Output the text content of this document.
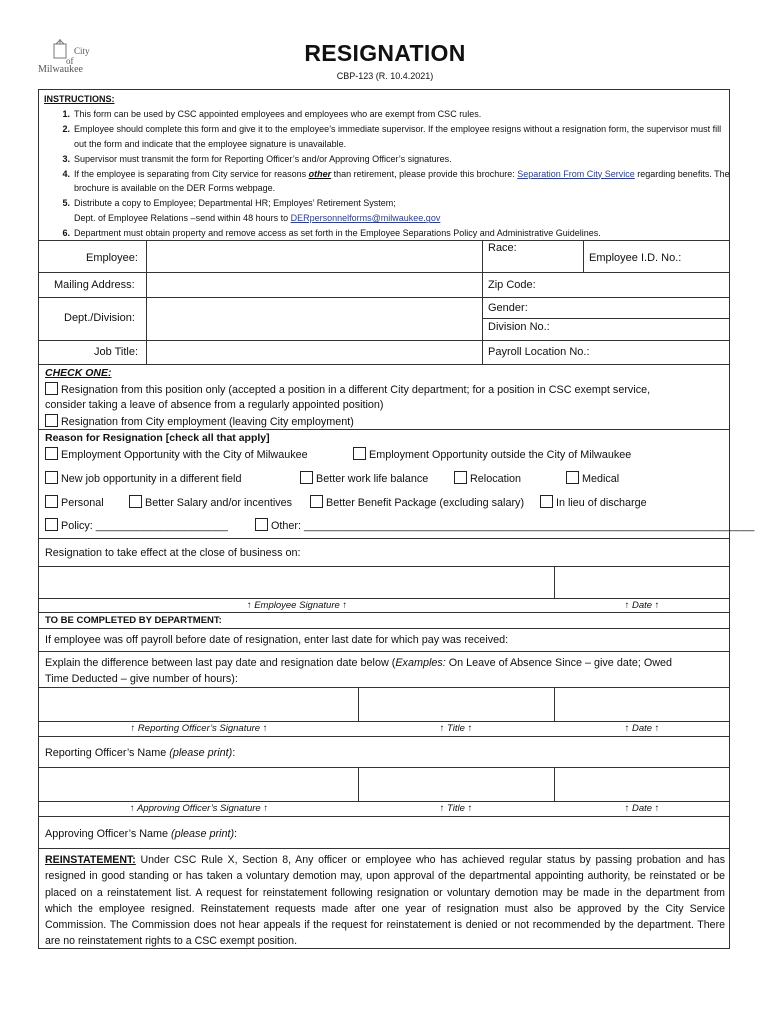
City
of
Milwaukee
RESIGNATION
CBP-123 (R. 10.4.2021)
INSTRUCTIONS:
1. This form can be used by CSC appointed employees and employees who are exempt from CSC rules.
2. Employee should complete this form and give it to the employee’s immediate supervisor. If the employee resigns without a resignation form, the supervisor must fill out the form and indicate that the employee signature is unavailable.
3. Supervisor must transmit the form for Reporting Officer’s and/or Approving Officer’s signatures.
4. If the employee is separating from City service for reasons other than retirement, please provide this brochure: Separation From City Service regarding benefits. The brochure is available on the DER Forms webpage.
5. Distribute a copy to Employee; Departmental HR; Employes’ Retirement System;
Dept. of Employee Relations –send within 48 hours to DERpersonnelforms@milwaukee.gov
6. Department must obtain property and remove access as set forth in the Employee Separations Policy and Administrative Guidelines.
Employee:
Race:
Employee I.D. No.:
Mailing Address:	Zip Code:
Dept./Division:
Gender:
Division No.:
Job Title:	Payroll Location No.:
CHECK ONE:
Resignation from this position only (accepted a position in a different City department; for a position in CSC exempt service,
consider taking a leave of absence from a regularly appointed position)
Resignation from City employment (leaving City employment)
Reason for Resignation [check all that apply]
Employment Opportunity with the City of Milwaukee	Employment Opportunity outside the City of Milwaukee
New job opportunity in a different field	Better work life balance	Relocation	Medical
Personal	Better Salary and/or incentives	Better Benefit Package (excluding salary)	In lieu of discharge
Policy: ______________________	Other: ___________________________________________________________________________
Resignation to take effect at the close of business on:
↑ Employee Signature ↑	↑ Date ↑
TO BE COMPLETED BY DEPARTMENT:
If employee was off payroll before date of resignation, enter last date for which pay was received:
Explain the difference between last pay date and resignation date below (Examples: On Leave of Absence Since – give date; Owed
Time Deducted – give number of hours):
↑ Reporting Officer’s Signature ↑	↑ Title ↑	↑ Date ↑
Reporting Officer’s Name (please print):
↑ Approving Officer’s Signature ↑	↑ Title ↑	↑ Date ↑
Approving Officer’s Name (please print):
REINSTATEMENT: Under CSC Rule X, Section 8, Any officer or employee who has achieved regular status by passing probation and has resigned in good standing or has taken a voluntary demotion may, upon approval of the departmental appointing authority, be reinstated or be placed on a reinstatement list. A request for reinstatement following resignation or voluntary demotion may be made in the department from which the employee resigned. Reinstatement requests made after one year of resignation must also be approved by the City Service Commission. The Commission does not hear appeals if the request for reinstatement is denied or not recommended by the department. There are no reinstatement rights to a CSC exempt position.
